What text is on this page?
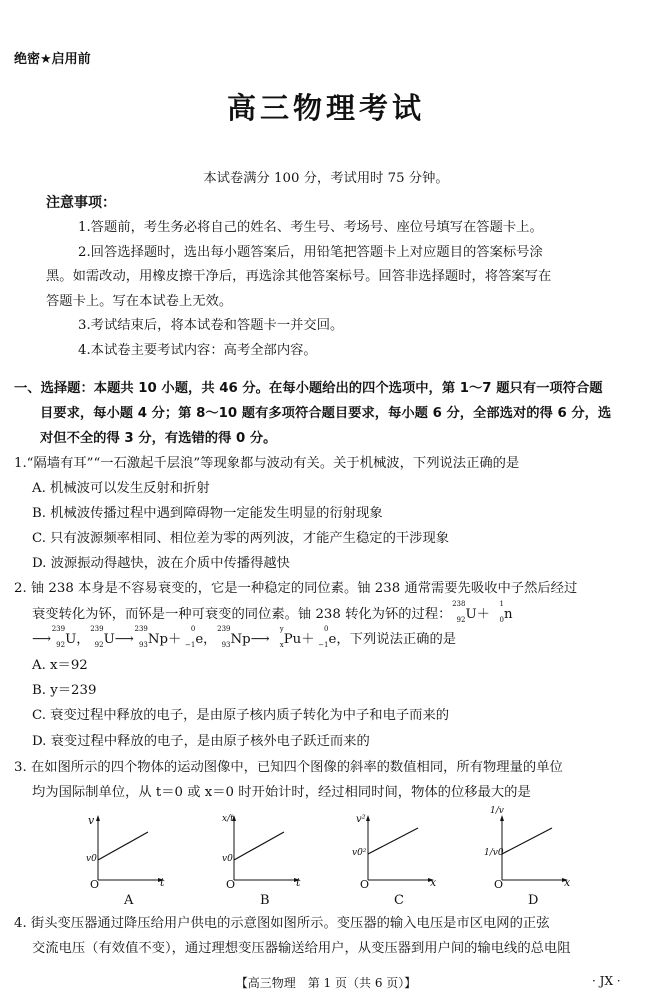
绝密★启用前
高三物理考试
本试卷满分 100 分，考试用时 75 分钟。
注意事项：
1.答题前，考生务必将自己的姓名、考生号、考场号、座位号填写在答题卡上。
2.回答选择题时，选出每小题答案后，用铅笔把答题卡上对应题目的答案标号涂
黑。如需改动，用橡皮擦干净后，再选涂其他答案标号。回答非选择题时，将答案写在
答题卡上。写在本试卷上无效。
3.考试结束后，将本试卷和答题卡一并交回。
4.本试卷主要考试内容：高考全部内容。
一、选择题：本题共 10 小题，共 46 分。在每小题给出的四个选项中，第 1～7 题只有一项符合题
目要求，每小题 4 分；第 8～10 题有多项符合题目要求，每小题 6 分，全部选对的得 6 分，选
对但不全的得 3 分，有选错的得 0 分。
1.“隔墙有耳”“一石激起千层浪”等现象都与波动有关。关于机械波，下列说法正确的是
A. 机械波可以发生反射和折射
B. 机械波传播过程中遇到障碍物一定能发生明显的衍射现象
C. 只有波源频率相同、相位差为零的两列波，才能产生稳定的干涉现象
D. 波源振动得越快，波在介质中传播得越快
2. 铀 238 本身是不容易衰变的，它是一种稳定的同位素。铀 238 通常需要先吸收中子然后经过
衰变转化为钚，而钚是一种可衰变的同位素。铀 238 转化为钚的过程：
238
92 U＋
1
0 n
⟶
239
92 U，
239
92 U⟶
239
93 Np＋
0
−1 e，
239
93 Np⟶
y
x Pu＋
0
−1 e，下列说法正确的是
A. x＝92
B. y＝239
C. 衰变过程中释放的电子，是由原子核内质子转化为中子和电子而来的
D. 衰变过程中释放的电子，是由原子核外电子跃迁而来的
3. 在如图所示的四个物体的运动图像中，已知四个图像的斜率的数值相同，所有物理量的单位
均为国际制单位，从 t＝0 或 x＝0 时开始计时，经过相同时间，物体的位移最大的是
v
v0
O	t
A
x/t
v0
O	t
B
v²
v0²
O	x
C
1/v
1/v0
O	x
D
4. 街头变压器通过降压给用户供电的示意图如图所示。变压器的输入电压是市区电网的正弦
交流电压（有效值不变），通过理想变压器输送给用户，从变压器到用户间的输电线的总电阻
【高三物理　第 1 页（共 6 页）】	· JX ·
